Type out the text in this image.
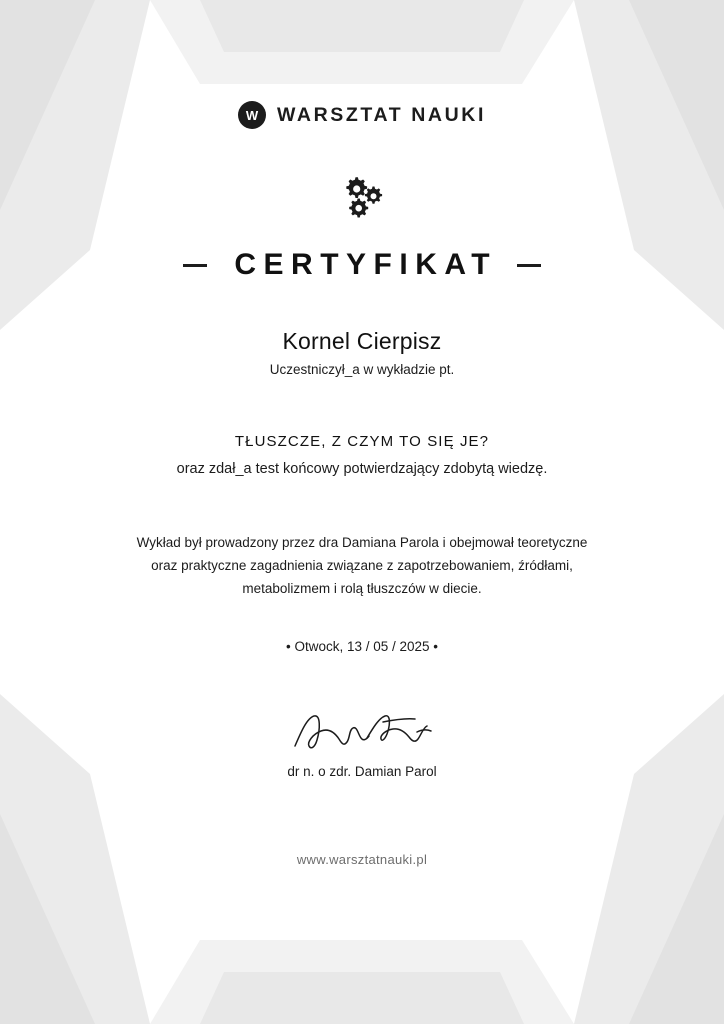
W WARSZTAT NAUKI
CERTYFIKAT
Kornel Cierpisz
Uczestniczył_a w wykładzie pt.
TŁUSZCZE, Z CZYM TO SIĘ JE?
oraz zdał_a test końcowy potwierdzający zdobytą wiedzę.
Wykład był prowadzony przez dra Damiana Parola i obejmował teoretyczne oraz praktyczne zagadnienia związane z zapotrzebowaniem, źródłami, metabolizmem i rolą tłuszczów w diecie.
• Otwock, 13 / 05 / 2025 •
dr n. o zdr. Damian Parol
www.warsztatnauki.pl
